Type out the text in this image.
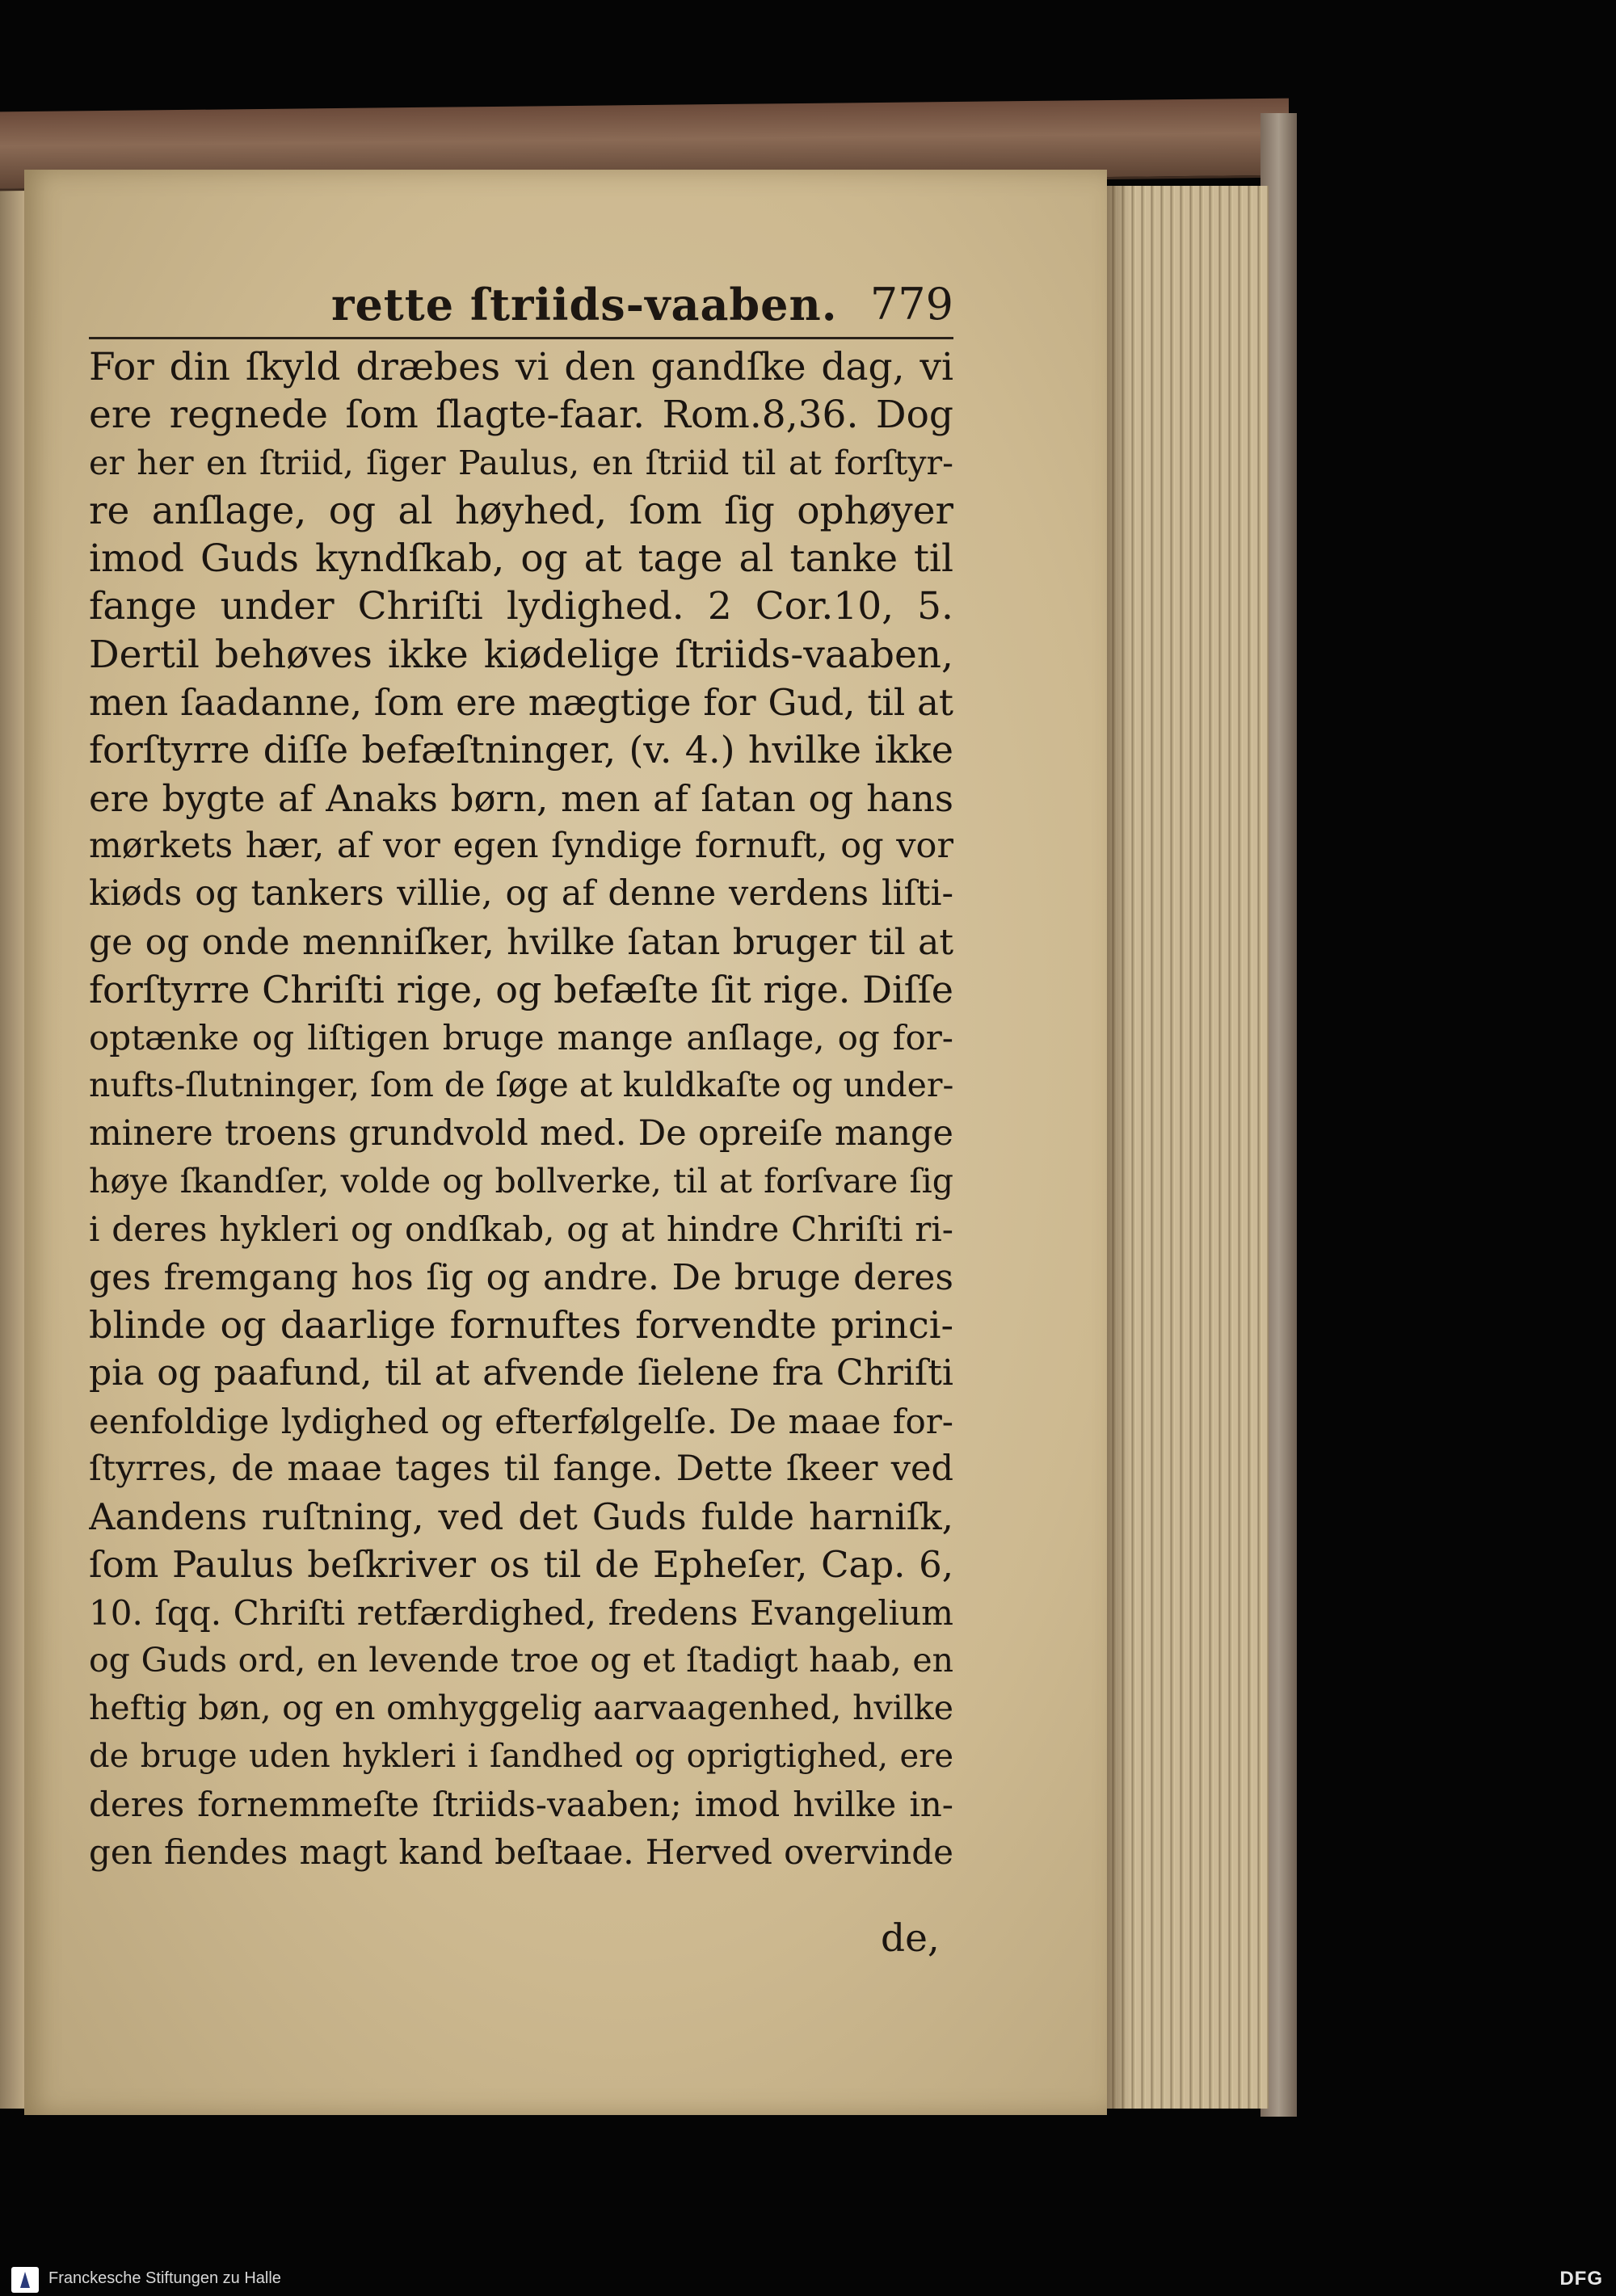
rette ſtriids-vaaben. 779
For din ſkyld dræbes vi den gandſke dag, vi
ere regnede ſom ſlagte-faar. Rom.8,36. Dog
er her en ſtriid, ſiger Paulus, en ſtriid til at forſtyr-
re anſlage, og al høyhed, ſom ſig ophøyer
imod Guds kyndſkab, og at tage al tanke til
fange under Chriſti lydighed. 2 Cor.10, 5.
Dertil behøves ikke kiødelige ſtriids-vaaben,
men ſaadanne, ſom ere mægtige for Gud, til at
forſtyrre diſſe befæſtninger, (v. 4.) hvilke ikke
ere bygte af Anaks børn, men af ſatan og hans
mørkets hær, af vor egen ſyndige fornuft, og vor
kiøds og tankers villie, og af denne verdens liſti-
ge og onde menniſker, hvilke ſatan bruger til at
forſtyrre Chriſti rige, og befæſte ſit rige. Diſſe
optænke og liſtigen bruge mange anſlage, og for-
nufts-ſlutninger, ſom de ſøge at kuldkaſte og under-
minere troens grundvold med. De opreiſe mange
høye ſkandſer, volde og bollverke, til at forſvare ſig
i deres hykleri og ondſkab, og at hindre Chriſti ri-
ges fremgang hos ſig og andre. De bruge deres
blinde og daarlige fornuftes forvendte princi-
pia og paafund, til at afvende ſielene fra Chriſti
eenfoldige lydighed og efterfølgelſe. De maae for-
ſtyrres, de maae tages til fange. Dette ſkeer ved
Aandens ruſtning, ved det Guds fulde harniſk,
ſom Paulus beſkriver os til de Epheſer, Cap. 6,
10. ſqq. Chriſti retfærdighed, fredens Evangelium
og Guds ord, en levende troe og et ſtadigt haab, en
heftig bøn, og en omhyggelig aarvaagenhed, hvilke
de bruge uden hykleri i ſandhed og oprigtighed, ere
deres fornemmeſte ſtriids-vaaben; imod hvilke in-
gen fiendes magt kand beſtaae. Herved overvinde
de,
Franckesche Stiftungen zu Halle	DFG
